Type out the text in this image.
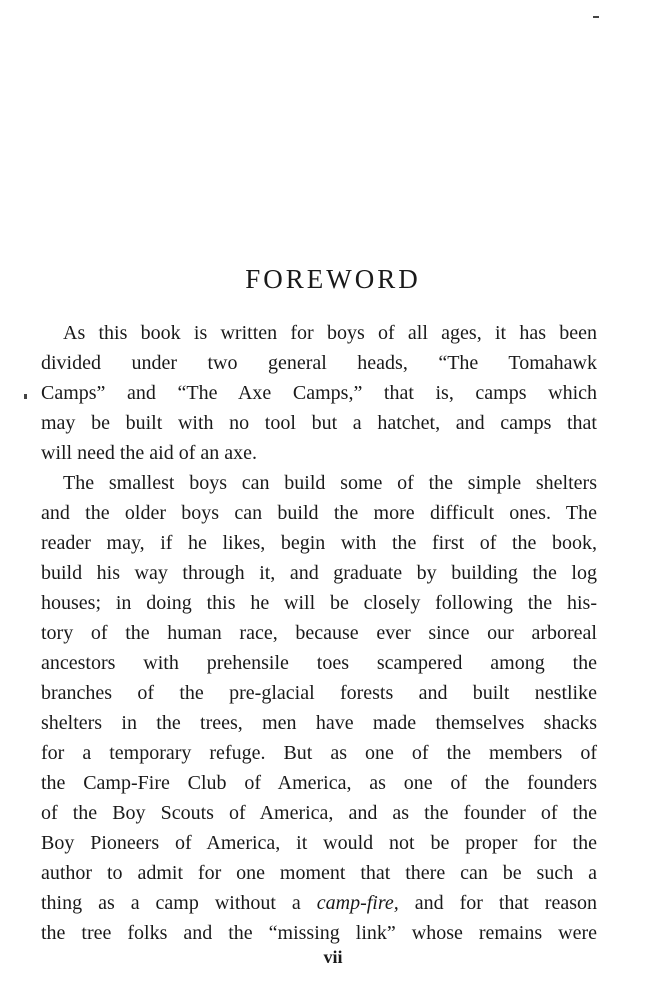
FOREWORD
As this book is written for boys of all ages, it has been
divided under two general heads, “The Tomahawk
Camps” and “The Axe Camps,” that is, camps which
may be built with no tool but a hatchet, and camps that
will need the aid of an axe.
The smallest boys can build some of the simple shelters
and the older boys can build the more difficult ones. The
reader may, if he likes, begin with the first of the book,
build his way through it, and graduate by building the log
houses; in doing this he will be closely following the his-
tory of the human race, because ever since our arboreal
ancestors with prehensile toes scampered among the
branches of the pre-glacial forests and built nestlike
shelters in the trees, men have made themselves shacks
for a temporary refuge. But as one of the members of
the Camp-Fire Club of America, as one of the founders
of the Boy Scouts of America, and as the founder of the
Boy Pioneers of America, it would not be proper for the
author to admit for one moment that there can be such a
thing as a camp without a camp-fire, and for that reason
the tree folks and the “missing link” whose remains were
vii
